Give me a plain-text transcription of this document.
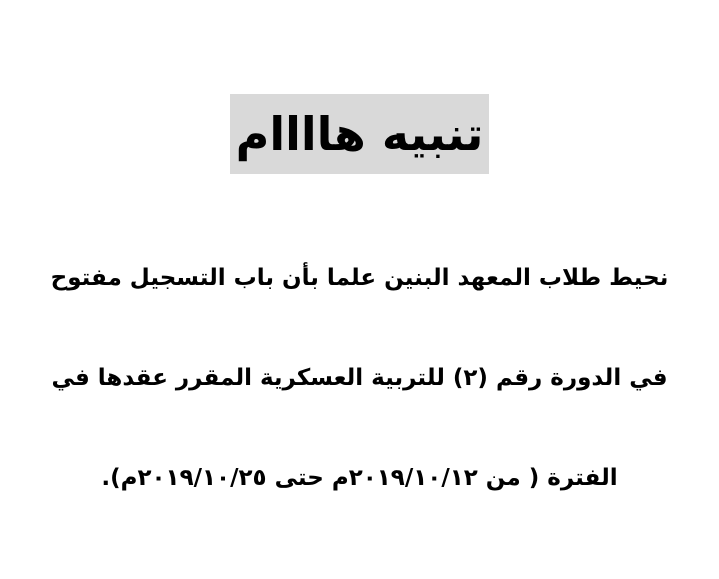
تنبيه هاااام
نحيط طلاب المعهد البنين علما بأن باب التسجيل مفتوح
في الدورة رقم (٢) للتربية العسكرية المقرر عقدها في
الفترة ( من ٢٠١٩/١٠/١٢م حتى ٢٠١٩/١٠/٢٥م).
